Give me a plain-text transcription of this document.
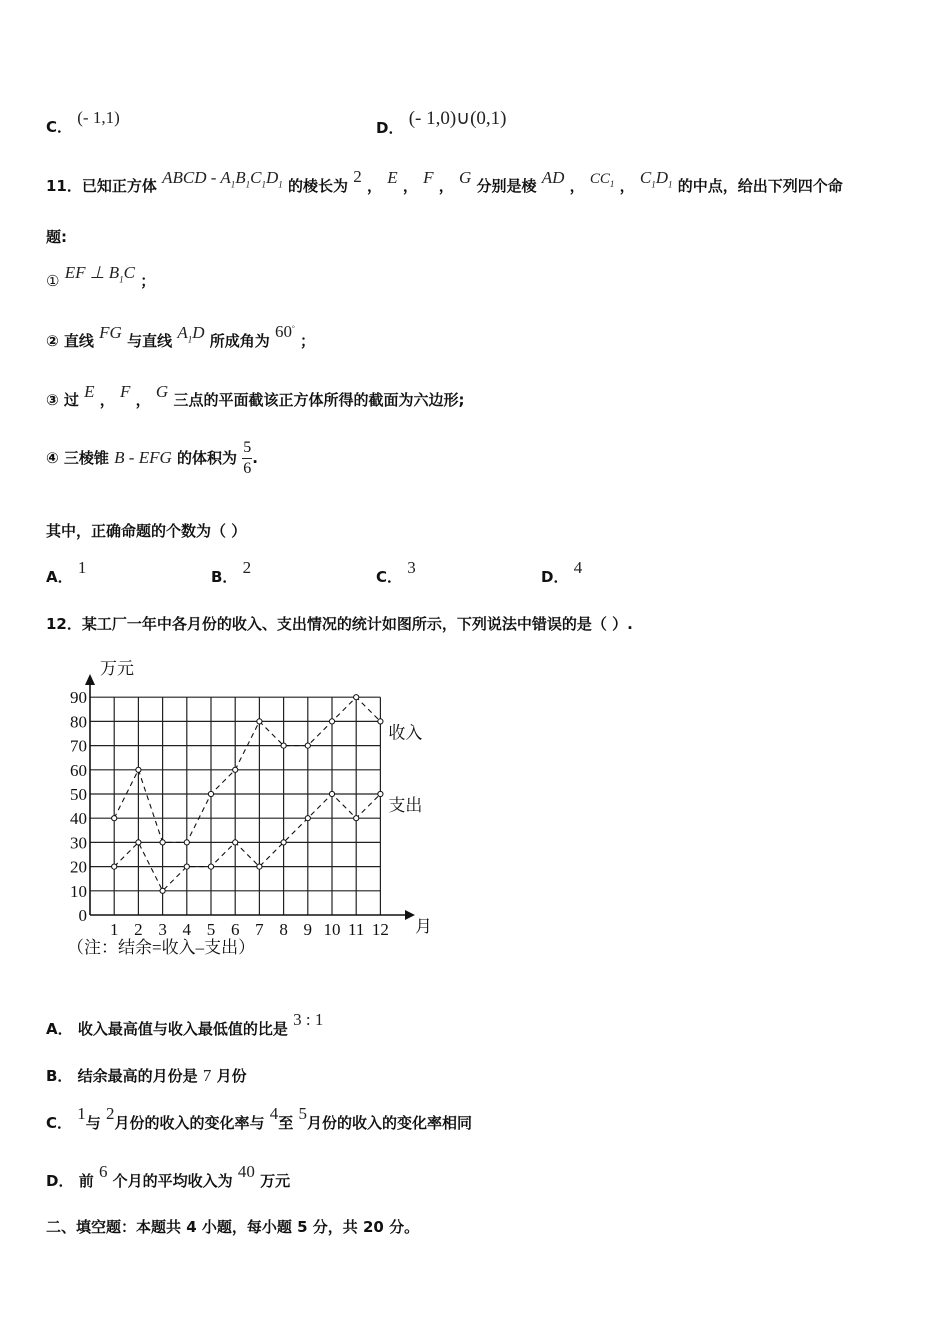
C． (- 1,1)
D． (- 1,0)∪(0,1)
11．已知正方体 ABCD - $A_1B_1C_1D_1$ 的棱长为 2 ， E ， F ， G 分别是棱 AD ， $CC_1$ ， $C_1D_1$ 的中点，给出下列四个命
题:
① EF ⊥ $B_1C$ ；
② 直线 FG 与直线 $A_1D$ 所成角为 60° ；
③ 过 E ， F ， G 三点的平面截该正方体所得的截面为六边形;
④ 三棱锥 B - EFG 的体积为 $\frac{5}{6}$ .
其中，正确命题的个数为（ ）
A． 1	B． 2	C． 3	D． 4
12．某工厂一年中各月份的收入、支出情况的统计如图所示，下列说法中错误的是（ ）.
万元
月
0
10
20
30
40
50
60
70
80
90
1 2 3 4 5 6 7 8 9 10 11 12
收入
支出
（注：结余=收入–支出）
A． 收入最高值与收入最低值的比是 3 : 1
B． 结余最高的月份是 7 月份
C． 1与 2月份的收入的变化率与 4至 5月份的收入的变化率相同
D． 前 6 个月的平均收入为 40 万元
二、填空题：本题共 4 小题，每小题 5 分，共 20 分。
